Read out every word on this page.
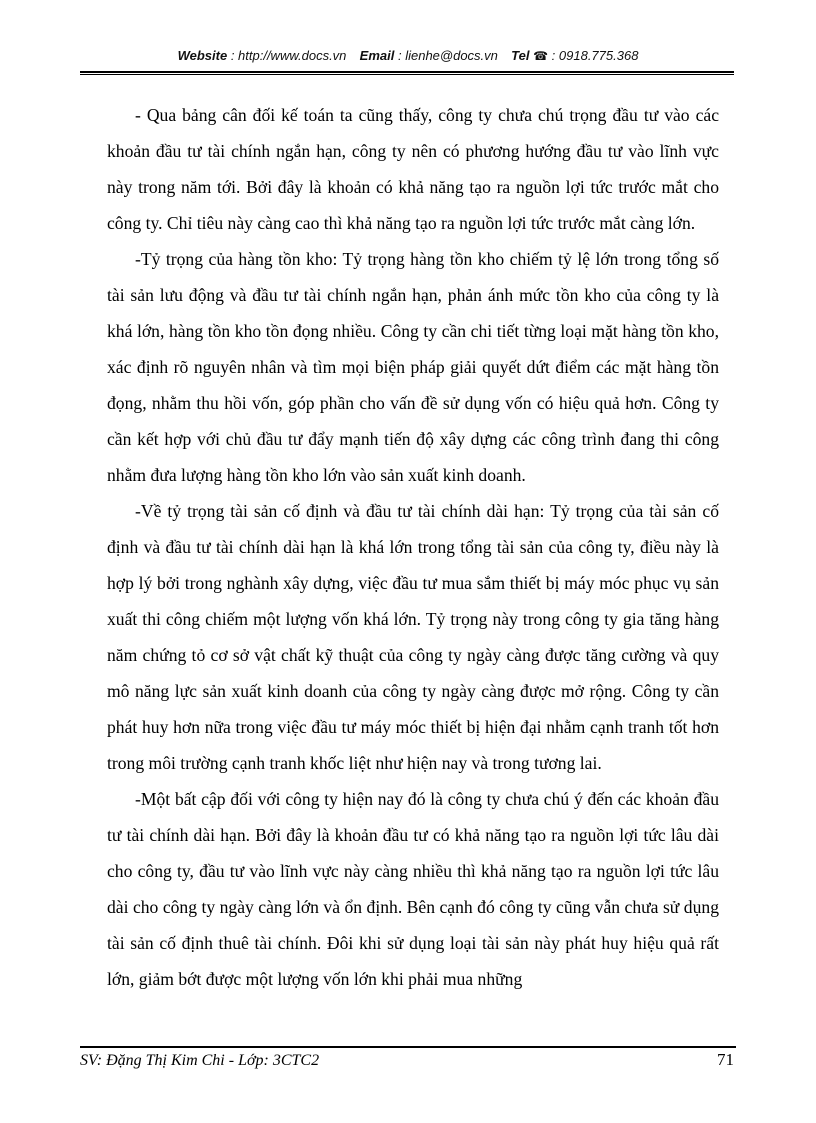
Website : http://www.docs.vn Email : lienhe@docs.vn Tel ☎ : 0918.775.368

- Qua bảng cân đối kế toán ta cũng thấy, công ty chưa chú trọng đầu tư vào các khoản đầu tư tài chính ngắn hạn, công ty nên có phương hướng đầu tư vào lĩnh vực này trong năm tới. Bởi đây là khoản có khả năng tạo ra nguồn lợi tức trước mắt cho công ty. Chỉ tiêu này càng cao thì khả năng tạo ra nguồn lợi tức trước mắt càng lớn.

-Tỷ trọng của hàng tồn kho: Tỷ trọng hàng tồn kho chiếm tỷ lệ lớn trong tổng số tài sản lưu động và đầu tư tài chính ngắn hạn, phản ánh mức tồn kho của công ty là khá lớn, hàng tồn kho tồn đọng nhiều. Công ty cần chi tiết từng loại mặt hàng tồn kho, xác định rõ nguyên nhân và tìm mọi biện pháp giải quyết dứt điểm các mặt hàng tồn đọng, nhằm thu hồi vốn, góp phần cho vấn đề sử dụng vốn có hiệu quả hơn. Công ty cần kết hợp với chủ đầu tư đẩy mạnh tiến độ xây dựng các công trình đang thi công nhằm đưa lượng hàng tồn kho lớn vào sản xuất kinh doanh.

-Về tỷ trọng tài sản cố định và đầu tư tài chính dài hạn: Tỷ trọng của tài sản cố định và đầu tư tài chính dài hạn là khá lớn trong tổng tài sản của công ty, điều này là hợp lý bởi trong nghành xây dựng, việc đầu tư mua sắm thiết bị máy móc phục vụ sản xuất thi công chiếm một lượng vốn khá lớn. Tỷ trọng này trong công ty gia tăng hàng năm chứng tỏ cơ sở vật chất kỹ thuật của công ty ngày càng được tăng cường và quy mô năng lực sản xuất kinh doanh của công ty ngày càng được mở rộng. Công ty cần phát huy hơn nữa trong việc đầu tư máy móc thiết bị hiện đại nhằm cạnh tranh tốt hơn trong môi trường cạnh tranh khốc liệt như hiện nay và trong tương lai.

-Một bất cập đối với công ty hiện nay đó là công ty chưa chú ý đến các khoản đầu tư tài chính dài hạn. Bởi đây là khoản đầu tư có khả năng tạo ra nguồn lợi tức lâu dài cho công ty, đầu tư vào lĩnh vực này càng nhiều thì khả năng tạo ra nguồn lợi tức lâu dài cho công ty ngày càng lớn và ổn định. Bên cạnh đó công ty cũng vẫn chưa sử dụng tài sản cố định thuê tài chính. Đôi khi sử dụng loại tài sản này phát huy hiệu quả rất lớn, giảm bớt được một lượng vốn lớn khi phải mua những

SV: Đặng Thị Kim Chi - Lớp: 3CTC2	71
